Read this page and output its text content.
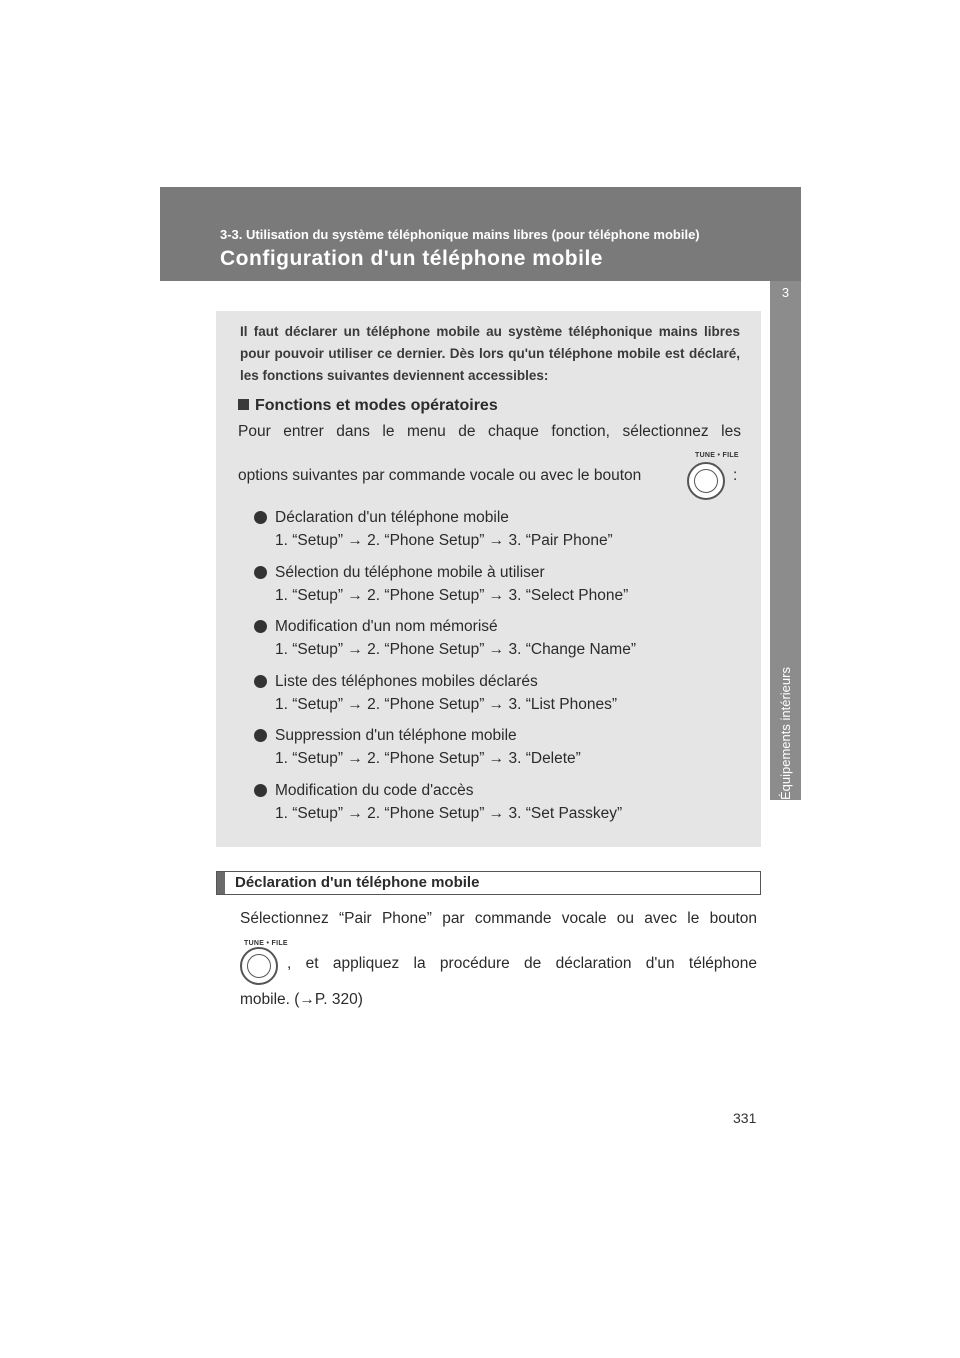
3-3. Utilisation du système téléphonique mains libres (pour téléphone mobile)
Configuration d'un téléphone mobile
3
Équipements intérieurs
Il faut déclarer un téléphone mobile au système téléphonique mains libres pour pouvoir utiliser ce dernier. Dès lors qu'un téléphone mobile est déclaré, les fonctions suivantes deviennent accessibles:
Fonctions et modes opératoires
Pour entrer dans le menu de chaque fonction, sélectionnez les
options suivantes par commande vocale ou avec le bouton
TUNE • FILE
:
Déclaration d'un téléphone mobile
1. “Setup” → 2. “Phone Setup” → 3. “Pair Phone”
Sélection du téléphone mobile à utiliser
1. “Setup” → 2. “Phone Setup” → 3. “Select Phone”
Modification d'un nom mémorisé
1. “Setup” → 2. “Phone Setup” → 3. “Change Name”
Liste des téléphones mobiles déclarés
1. “Setup” → 2. “Phone Setup” → 3. “List Phones”
Suppression d'un téléphone mobile
1. “Setup” → 2. “Phone Setup” → 3. “Delete”
Modification du code d'accès
1. “Setup” → 2. “Phone Setup” → 3. “Set Passkey”
Déclaration d'un téléphone mobile
Sélectionnez “Pair Phone” par commande vocale ou avec le bouton
TUNE • FILE
, et appliquez la procédure de déclaration d'un téléphone
mobile. (→P. 320)
331
